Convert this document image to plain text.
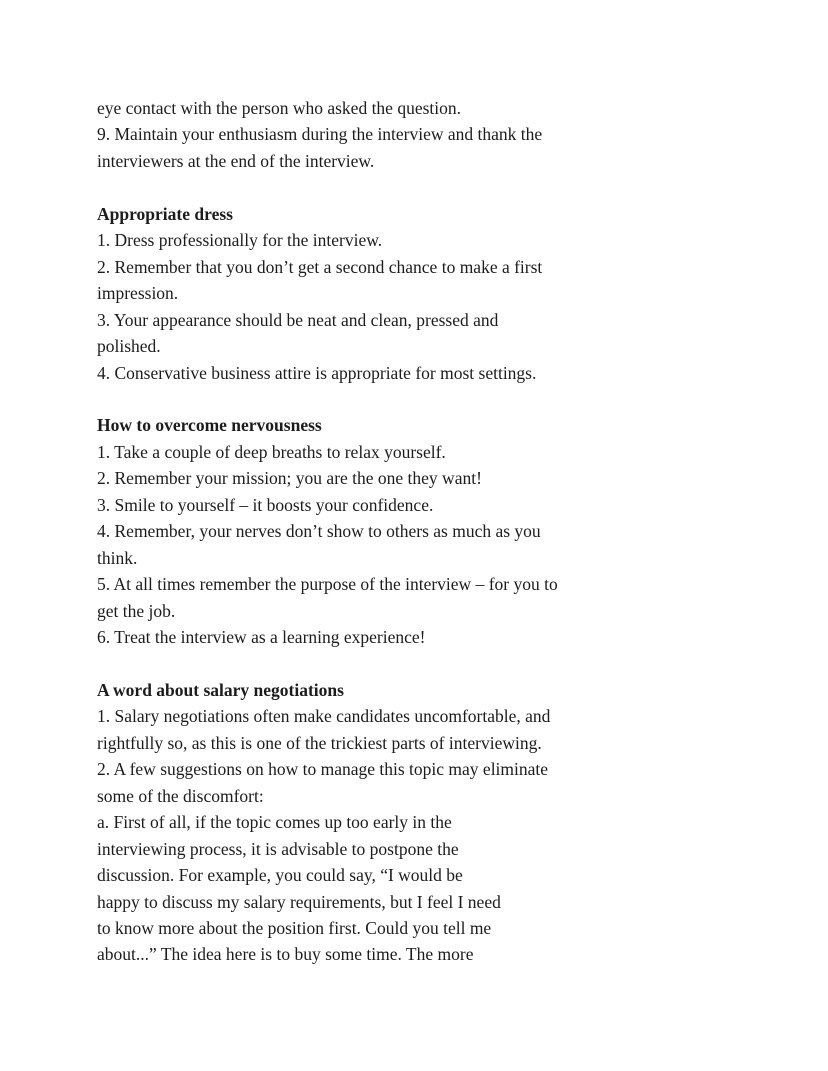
eye contact with the person who asked the question.
9. Maintain your enthusiasm during the interview and thank the
interviewers at the end of the interview.
Appropriate dress
1. Dress professionally for the interview.
2. Remember that you don’t get a second chance to make a first
impression.
3. Your appearance should be neat and clean, pressed and
polished.
4. Conservative business attire is appropriate for most settings.
How to overcome nervousness
1. Take a couple of deep breaths to relax yourself.
2. Remember your mission; you are the one they want!
3. Smile to yourself – it boosts your confidence.
4. Remember, your nerves don’t show to others as much as you
think.
5. At all times remember the purpose of the interview – for you to
get the job.
6. Treat the interview as a learning experience!
A word about salary negotiations
1. Salary negotiations often make candidates uncomfortable, and
rightfully so, as this is one of the trickiest parts of interviewing.
2. A few suggestions on how to manage this topic may eliminate
some of the discomfort:
a. First of all, if the topic comes up too early in the
interviewing process, it is advisable to postpone the
discussion. For example, you could say, “I would be
happy to discuss my salary requirements, but I feel I need
to know more about the position first. Could you tell me
about...” The idea here is to buy some time. The more
